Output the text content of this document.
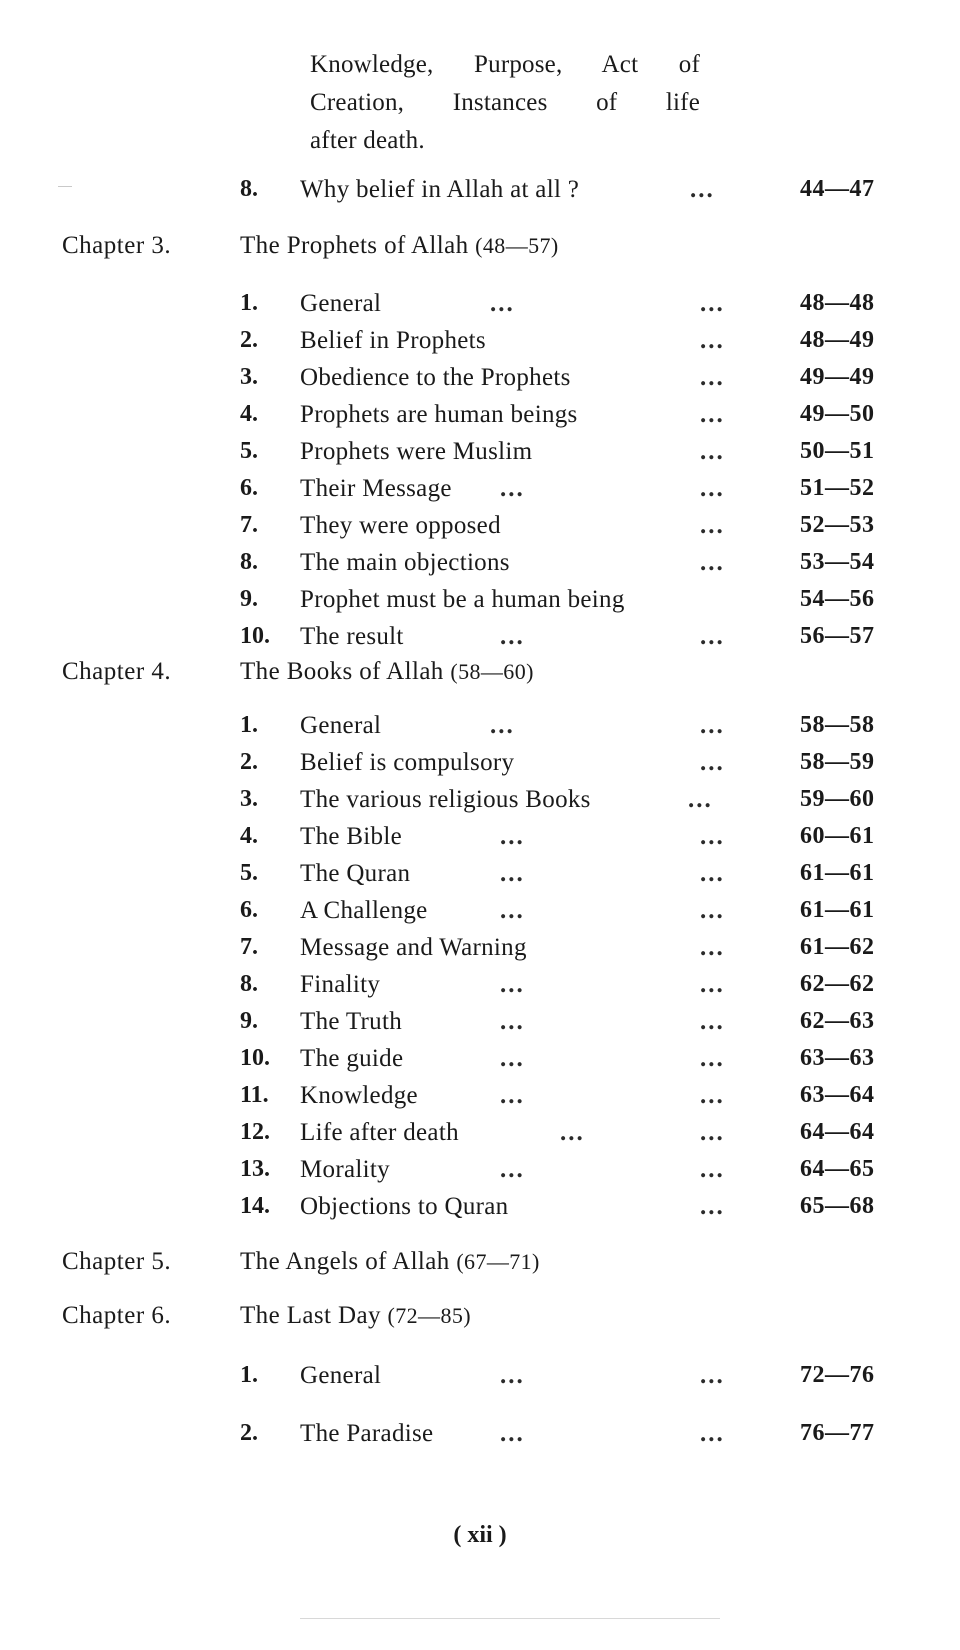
Knowledge, Purpose, Act of
Creation, Instances of life
after death.
8.	Why belief in Allah at all ?	...	44—47
Chapter 3.	The Prophets of Allah (48—57)
1.	General	...	...	48—48
2.	Belief in Prophets	...	48—49
3.	Obedience to the Prophets	...	49—49
4.	Prophets are human beings	...	49—50
5.	Prophets were Muslim	...	50—51
6.	Their Message ...	...	51—52
7.	They were opposed	...	52—53
8.	The main objections	...	53—54
9.	Prophet must be a human being	54—56
10.	The result	...	...	56—57
Chapter 4.	The Books of Allah (58—60)
1.	General	...	...	58—58
2.	Belief is compulsory	...	58—59
3.	The various religious Books	...	59—60
4.	The Bible	...	...	60—61
5.	The Quran	...	...	61—61
6.	A Challenge	...	...	61—61
7.	Message and Warning	...	61—62
8.	Finality	...	...	62—62
9.	The Truth	...	...	62—63
10.	The guide	...	...	63—63
11.	Knowledge	...	...	63—64
12.	Life after death	...	...	64—64
13.	Morality	...	...	64—65
14.	Objections to Quran	...	65—68
Chapter 5.	The Angels of Allah (67—71)
Chapter 6.	The Last Day (72—85)
1.	General	...	...	72—76
2.	The Paradise	...	...	76—77
( xii )
